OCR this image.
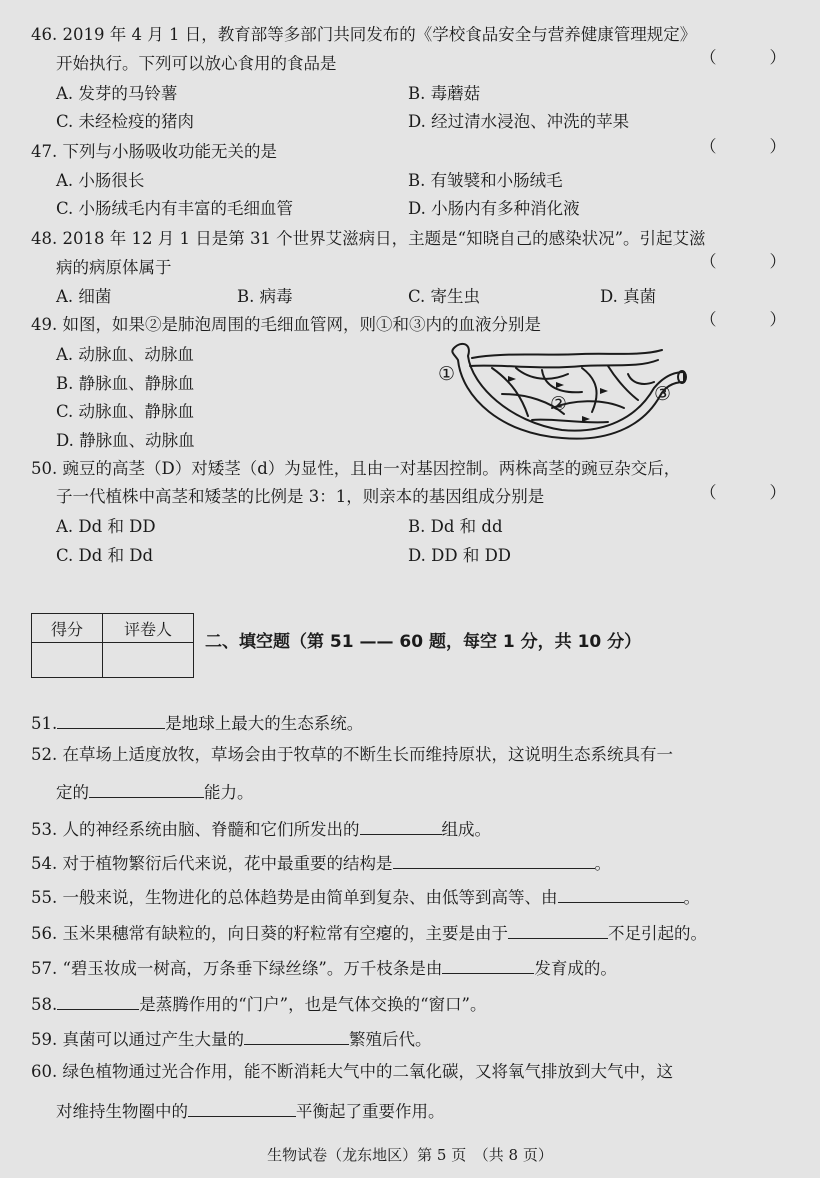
46. 2019 年 4 月 1 日，教育部等多部门共同发布的《学校食品安全与营养健康管理规定》
开始执行。下列可以放心食用的食品是	（	）
A. 发芽的马铃薯	B. 毒蘑菇
C. 未经检疫的猪肉	D. 经过清水浸泡、冲洗的苹果
47. 下列与小肠吸收功能无关的是	（	）
A. 小肠很长	B. 有皱襞和小肠绒毛
C. 小肠绒毛内有丰富的毛细血管	D. 小肠内有多种消化液
48. 2018 年 12 月 1 日是第 31 个世界艾滋病日，主题是“知晓自己的感染状况”。引起艾滋
病的病原体属于	（	）
A. 细菌	B. 病毒	C. 寄生虫	D. 真菌
49. 如图，如果②是肺泡周围的毛细血管网，则①和③内的血液分别是	（	）
A. 动脉血、动脉血
B. 静脉血、静脉血
C. 动脉血、静脉血
D. 静脉血、动脉血
①
②	③
50. 豌豆的高茎（D）对矮茎（d）为显性，且由一对基因控制。两株高茎的豌豆杂交后，
子一代植株中高茎和矮茎的比例是 3：1，则亲本的基因组成分别是	（	）
A. Dd 和 DD	B. Dd 和 dd
C. Dd 和 Dd	D. DD 和 DD
得分	评卷人

二、填空题（第 51 —— 60 题，每空 1 分，共 10 分）
51.	是地球上最大的生态系统。
52. 在草场上适度放牧，草场会由于牧草的不断生长而维持原状，这说明生态系统具有一
定的	能力。
53. 人的神经系统由脑、脊髓和它们所发出的	组成。
54. 对于植物繁衍后代来说，花中最重要的结构是	。
55. 一般来说，生物进化的总体趋势是由简单到复杂、由低等到高等、由	。
56. 玉米果穗常有缺粒的，向日葵的籽粒常有空瘪的，主要是由于	不足引起的。
57. “碧玉妆成一树高，万条垂下绿丝绦”。万千枝条是由	发育成的。
58.	是蒸腾作用的“门户”，也是气体交换的“窗口”。
59. 真菌可以通过产生大量的	繁殖后代。
60. 绿色植物通过光合作用，能不断消耗大气中的二氧化碳，又将氧气排放到大气中，这
对维持生物圈中的	平衡起了重要作用。
生物试卷（龙东地区）第 5 页　（共 8 页）
